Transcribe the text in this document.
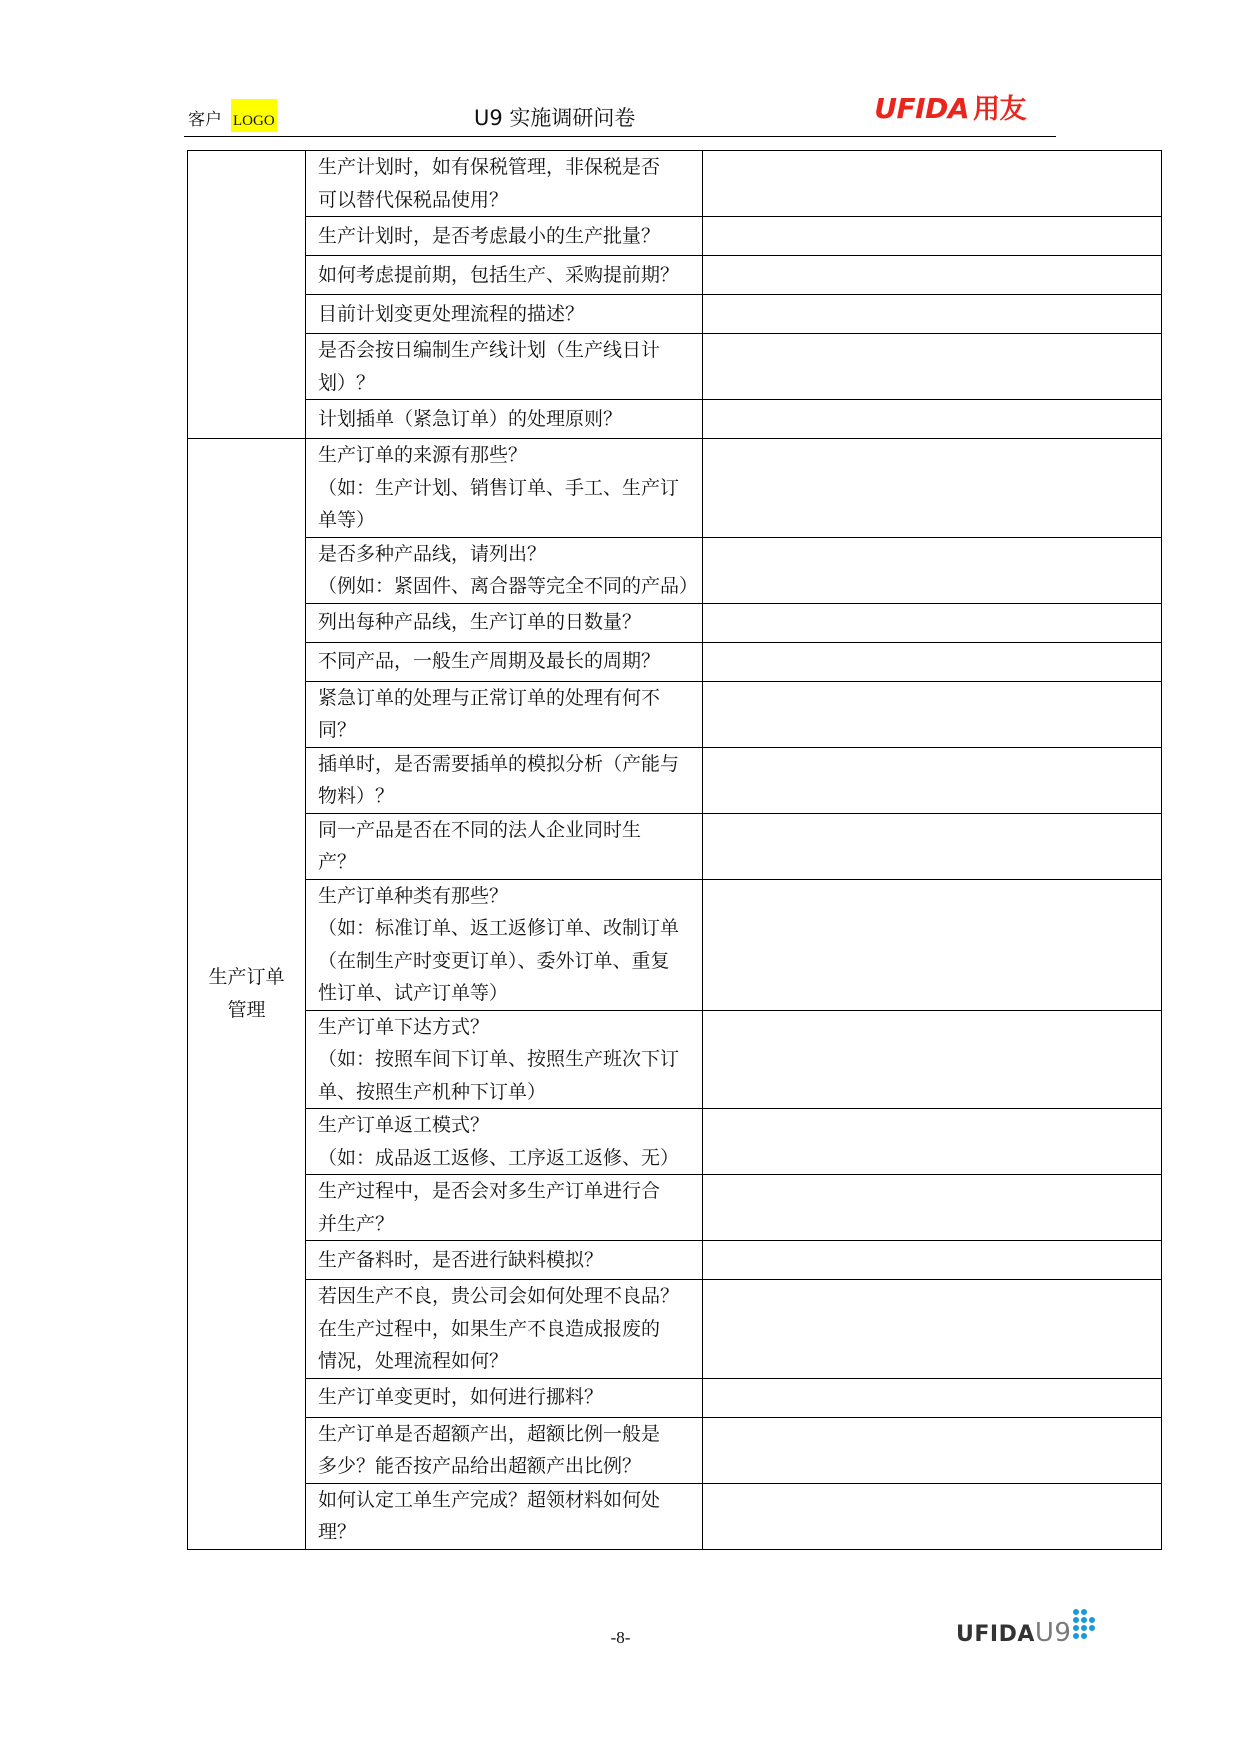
客户 LOGO	U9 实施调研问卷	UFIDA 用友

	生产计划时，如有保税管理，非保税是否
可以替代保税品使用？	

	生产计划时，是否考虑最小的生产批量？	

	如何考虑提前期，包括生产、采购提前期？	

	目前计划变更处理流程的描述？	

	是否会按日编制生产线计划（生产线日计
划）？	

	计划插单（紧急订单）的处理原则？	

生产订单
管理	生产订单的来源有那些？
（如：生产计划、销售订单、手工、生产订
单等）	

	是否多种产品线，请列出？
（例如：紧固件、离合器等完全不同的产品）	

	列出每种产品线，生产订单的日数量？	

	不同产品，一般生产周期及最长的周期？	

	紧急订单的处理与正常订单的处理有何不
同？	

	插单时，是否需要插单的模拟分析（产能与
物料）？	

	同一产品是否在不同的法人企业同时生
产？	

	生产订单种类有那些？
（如：标准订单、返工返修订单、改制订单
（在制生产时变更订单）、委外订单、重复
性订单、试产订单等）	

	生产订单下达方式？
（如：按照车间下订单、按照生产班次下订
单、按照生产机种下订单）	

	生产订单返工模式？
（如：成品返工返修、工序返工返修、无）	

	生产过程中，是否会对多生产订单进行合
并生产？	

	生产备料时，是否进行缺料模拟？	

	若因生产不良，贵公司会如何处理不良品？
在生产过程中，如果生产不良造成报废的
情况，处理流程如何？	

	生产订单变更时，如何进行挪料？	

	生产订单是否超额产出，超额比例一般是
多少？能否按产品给出超额产出比例？	

	如何认定工单生产完成？超领材料如何处
理？	

-8-	UFIDAU9
